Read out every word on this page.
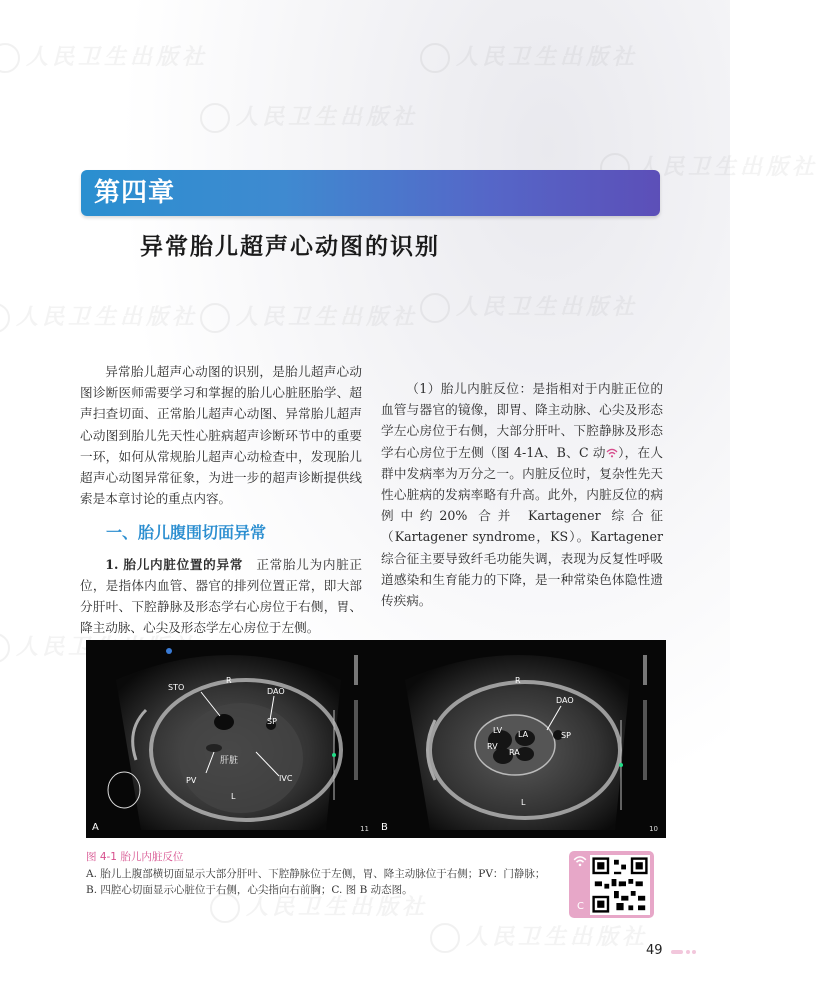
第四章
异常胎儿超声心动图的识别

异常胎儿超声心动图的识别，是胎儿超声心动图诊断医师需要学习和掌握的胎儿心脏胚胎学、超声扫查切面、正常胎儿超声心动图、异常胎儿超声心动图到胎儿先天性心脏病超声诊断环节中的重要一环，如何从常规胎儿超声心动检查中，发现胎儿超声心动图异常征象，为进一步的超声诊断提供线索是本章讨论的重点内容。

一、胎儿腹围切面异常

1. 胎儿内脏位置的异常　 正常胎儿为内脏正位，是指体内血管、器官的排列位置正常，即大部分肝叶、下腔静脉及形态学右心房位于右侧，胃、降主动脉、心尖及形态学左心房位于左侧。

（1）胎儿内脏反位：是指相对于内脏正位的血管与器官的镜像，即胃、降主动脉、心尖及形态学左心房位于右侧，大部分肝叶、下腔静脉及形态学右心房位于左侧（图 4-1A、B、C 动 ），在人群中发病率为万分之一。内脏反位时，复杂性先天性心脏病的发病率略有升高。此外，内脏反位的病例中约20% 合并 Kartagener 综合征（Kartagener syndrome，KS）。Kartagener 综合征主要导致纤毛功能失调，表现为反复性呼吸道感染和生育能力的下降，是一种常染色体隐性遗传疾病。

STO
R
DAO
SP
肝脏
PV	IVC
L
A	11
R
DAO
LV LA	SP
RV
RA
L
B	10
图 4-1 胎儿内脏反位
A. 胎儿上腹部横切面显示大部分肝叶、下腔静脉位于左侧，胃、降主动脉位于右侧；PV：门静脉；
B. 四腔心切面显示心脏位于右侧，心尖指向右前胸；C. 图 B 动态图。
C
49
